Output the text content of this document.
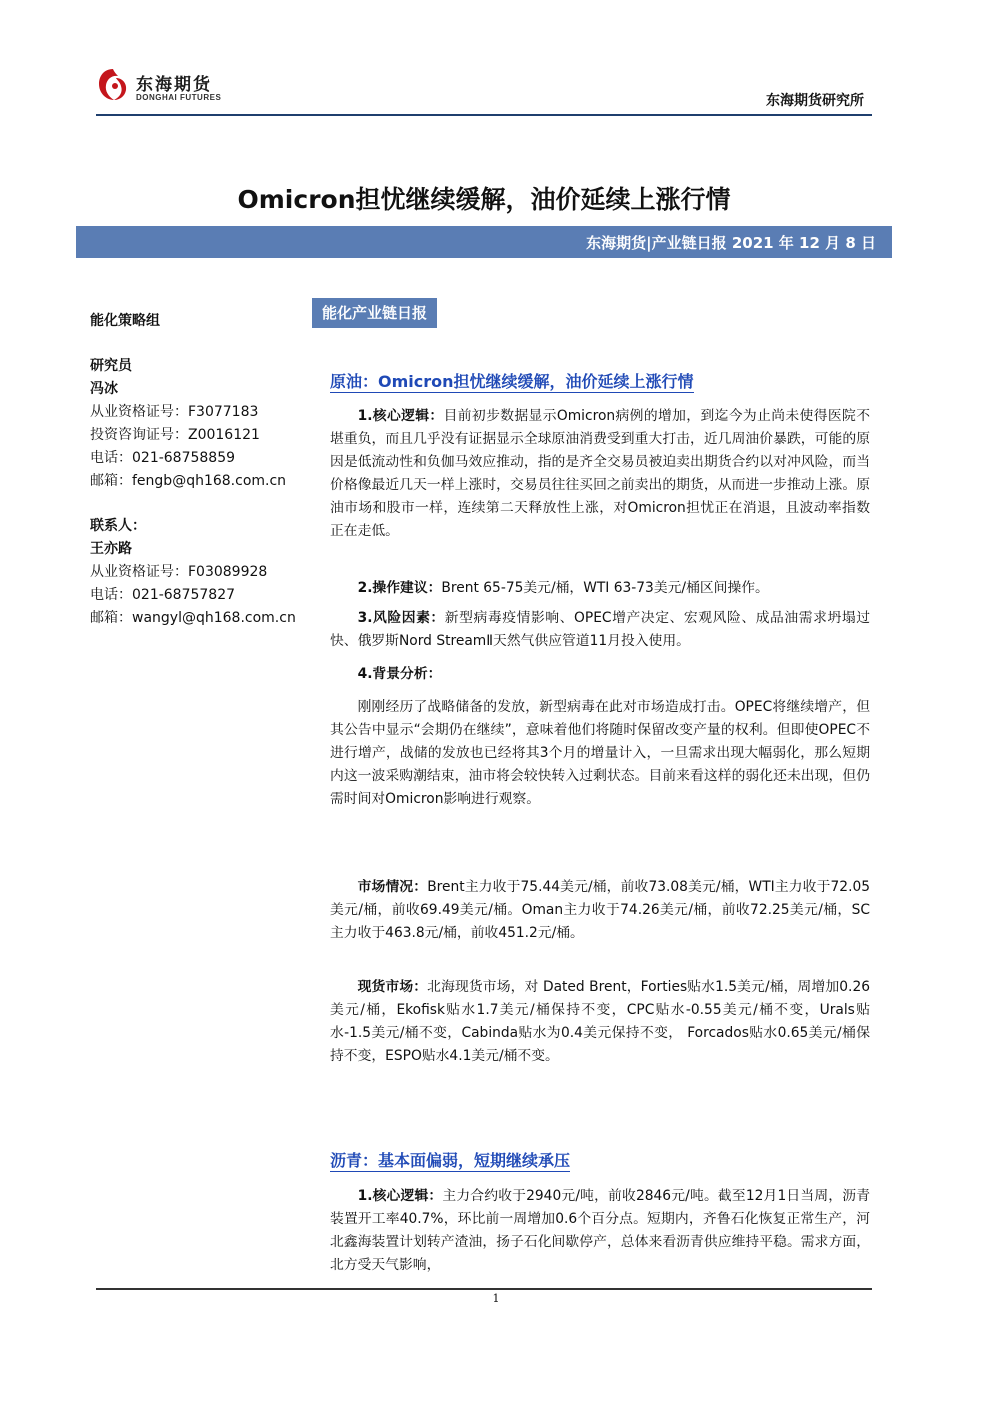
东海期货
DONGHAI FUTURES	东海期货研究所
Omicron担忧继续缓解，油价延续上涨行情
东海期货|产业链日报 2021 年 12 月 8 日
能化策略组
研究员
冯冰
从业资格证号：F3077183
投资咨询证号：Z0016121
电话：021-68758859
邮箱：fengb@qh168.com.cn
联系人：
王亦路
从业资格证号：F03089928
电话：021-68757827
邮箱：wangyl@qh168.com.cn
能化产业链日报
原油：Omicron担忧继续缓解，油价延续上涨行情
1.核心逻辑：目前初步数据显示Omicron病例的增加，到迄今为止尚未使得医院不堪重负，而且几乎没有证据显示全球原油消费受到重大打击，近几周油价暴跌，可能的原因是低流动性和负伽马效应推动，指的是齐全交易员被迫卖出期货合约以对冲风险，而当价格像最近几天一样上涨时，交易员往往买回之前卖出的期货，从而进一步推动上涨。原油市场和股市一样，连续第二天释放性上涨，对Omicron担忧正在消退，且波动率指数正在走低。
2.操作建议：Brent 65-75美元/桶，WTI 63-73美元/桶区间操作。
3.风险因素：新型病毒疫情影响、OPEC增产决定、宏观风险、成品油需求坍塌过快、俄罗斯Nord StreamⅡ天然气供应管道11月投入使用。
4.背景分析：
刚刚经历了战略储备的发放，新型病毒在此对市场造成打击。OPEC将继续增产，但其公告中显示“会期仍在继续”，意味着他们将随时保留改变产量的权利。但即使OPEC不进行增产，战储的发放也已经将其3个月的增量计入，一旦需求出现大幅弱化，那么短期内这一波采购潮结束，油市将会较快转入过剩状态。目前来看这样的弱化还未出现，但仍需时间对Omicron影响进行观察。
市场情况：Brent主力收于75.44美元/桶，前收73.08美元/桶，WTI主力收于72.05美元/桶，前收69.49美元/桶。Oman主力收于74.26美元/桶，前收72.25美元/桶，SC主力收于463.8元/桶，前收451.2元/桶。
现货市场：北海现货市场，对 Dated Brent，Forties贴水1.5美元/桶，周增加0.26美元/桶，Ekofisk贴水1.7美元/桶保持不变，CPC贴水-0.55美元/桶不变，Urals贴水-1.5美元/桶不变，Cabinda贴水为0.4美元保持不变， Forcados贴水0.65美元/桶保持不变，ESPO贴水4.1美元/桶不变。
沥青：基本面偏弱，短期继续承压
1.核心逻辑：主力合约收于2940元/吨，前收2846元/吨。截至12月1日当周，沥青装置开工率40.7%，环比前一周增加0.6个百分点。短期内，齐鲁石化恢复正常生产，河北鑫海装置计划转产渣油，扬子石化间歇停产，总体来看沥青供应维持平稳。需求方面，北方受天气影响，
1
